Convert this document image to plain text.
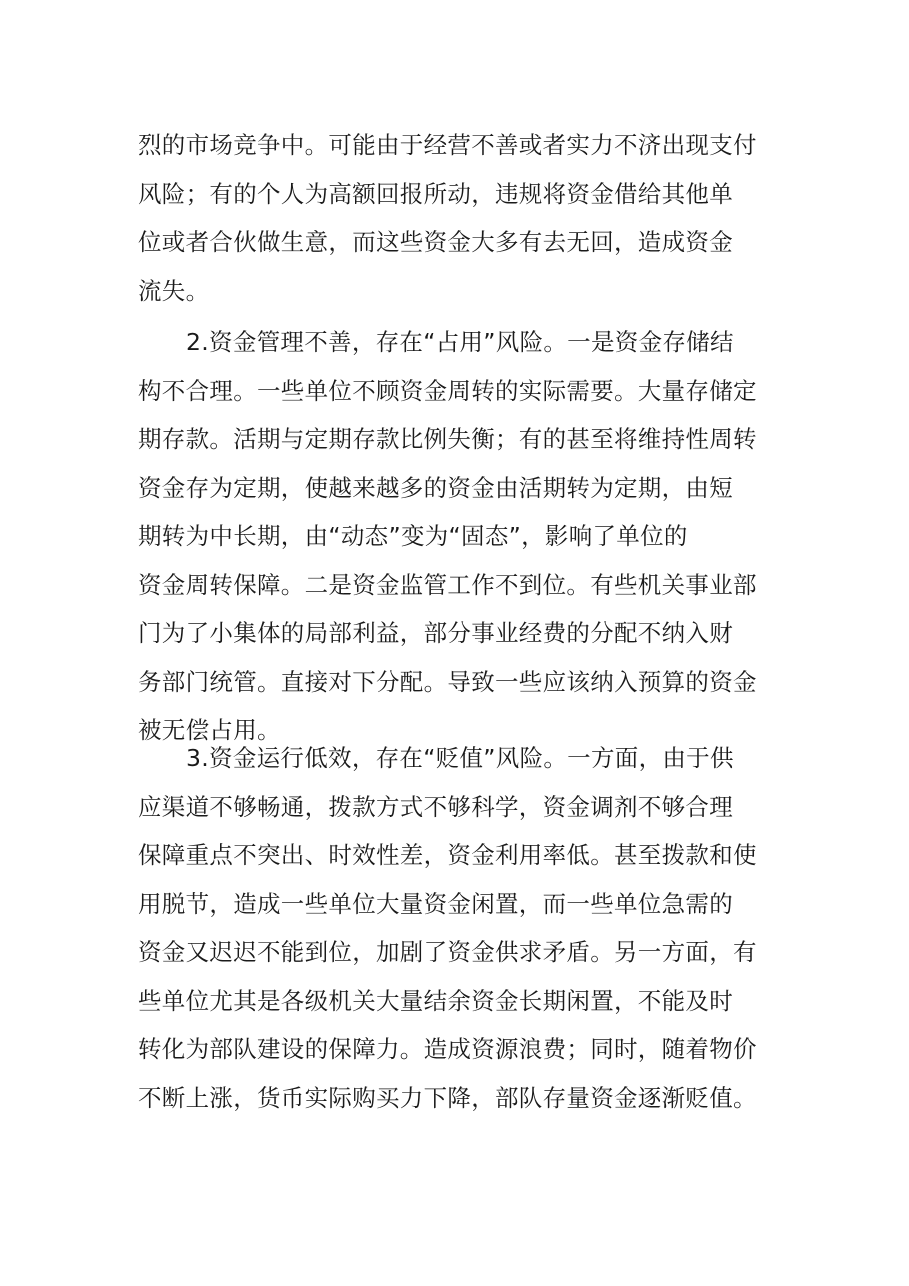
烈的市场竞争中。可能由于经营不善或者实力不济出现支付
风险；有的个人为高额回报所动，违规将资金借给其他单
位或者合伙做生意，而这些资金大多有去无回，造成资金
流失。
2.资金管理不善，存在“占用”风险。一是资金存储结
构不合理。一些单位不顾资金周转的实际需要。大量存储定
期存款。活期与定期存款比例失衡；有的甚至将维持性周转
资金存为定期，使越来越多的资金由活期转为定期，由短
期转为中长期，由“动态”变为“固态”，影响了单位的
资金周转保障。二是资金监管工作不到位。有些机关事业部
门为了小集体的局部利益，部分事业经费的分配不纳入财
务部门统管。直接对下分配。导致一些应该纳入预算的资金
被无偿占用。
3.资金运行低效，存在“贬值”风险。一方面，由于供
应渠道不够畅通，拨款方式不够科学，资金调剂不够合理
保障重点不突出、时效性差，资金利用率低。甚至拨款和使
用脱节，造成一些单位大量资金闲置，而一些单位急需的
资金又迟迟不能到位，加剧了资金供求矛盾。另一方面，有
些单位尤其是各级机关大量结余资金长期闲置，不能及时
转化为部队建设的保障力。造成资源浪费；同时，随着物价
不断上涨，货币实际购买力下降，部队存量资金逐渐贬值。
